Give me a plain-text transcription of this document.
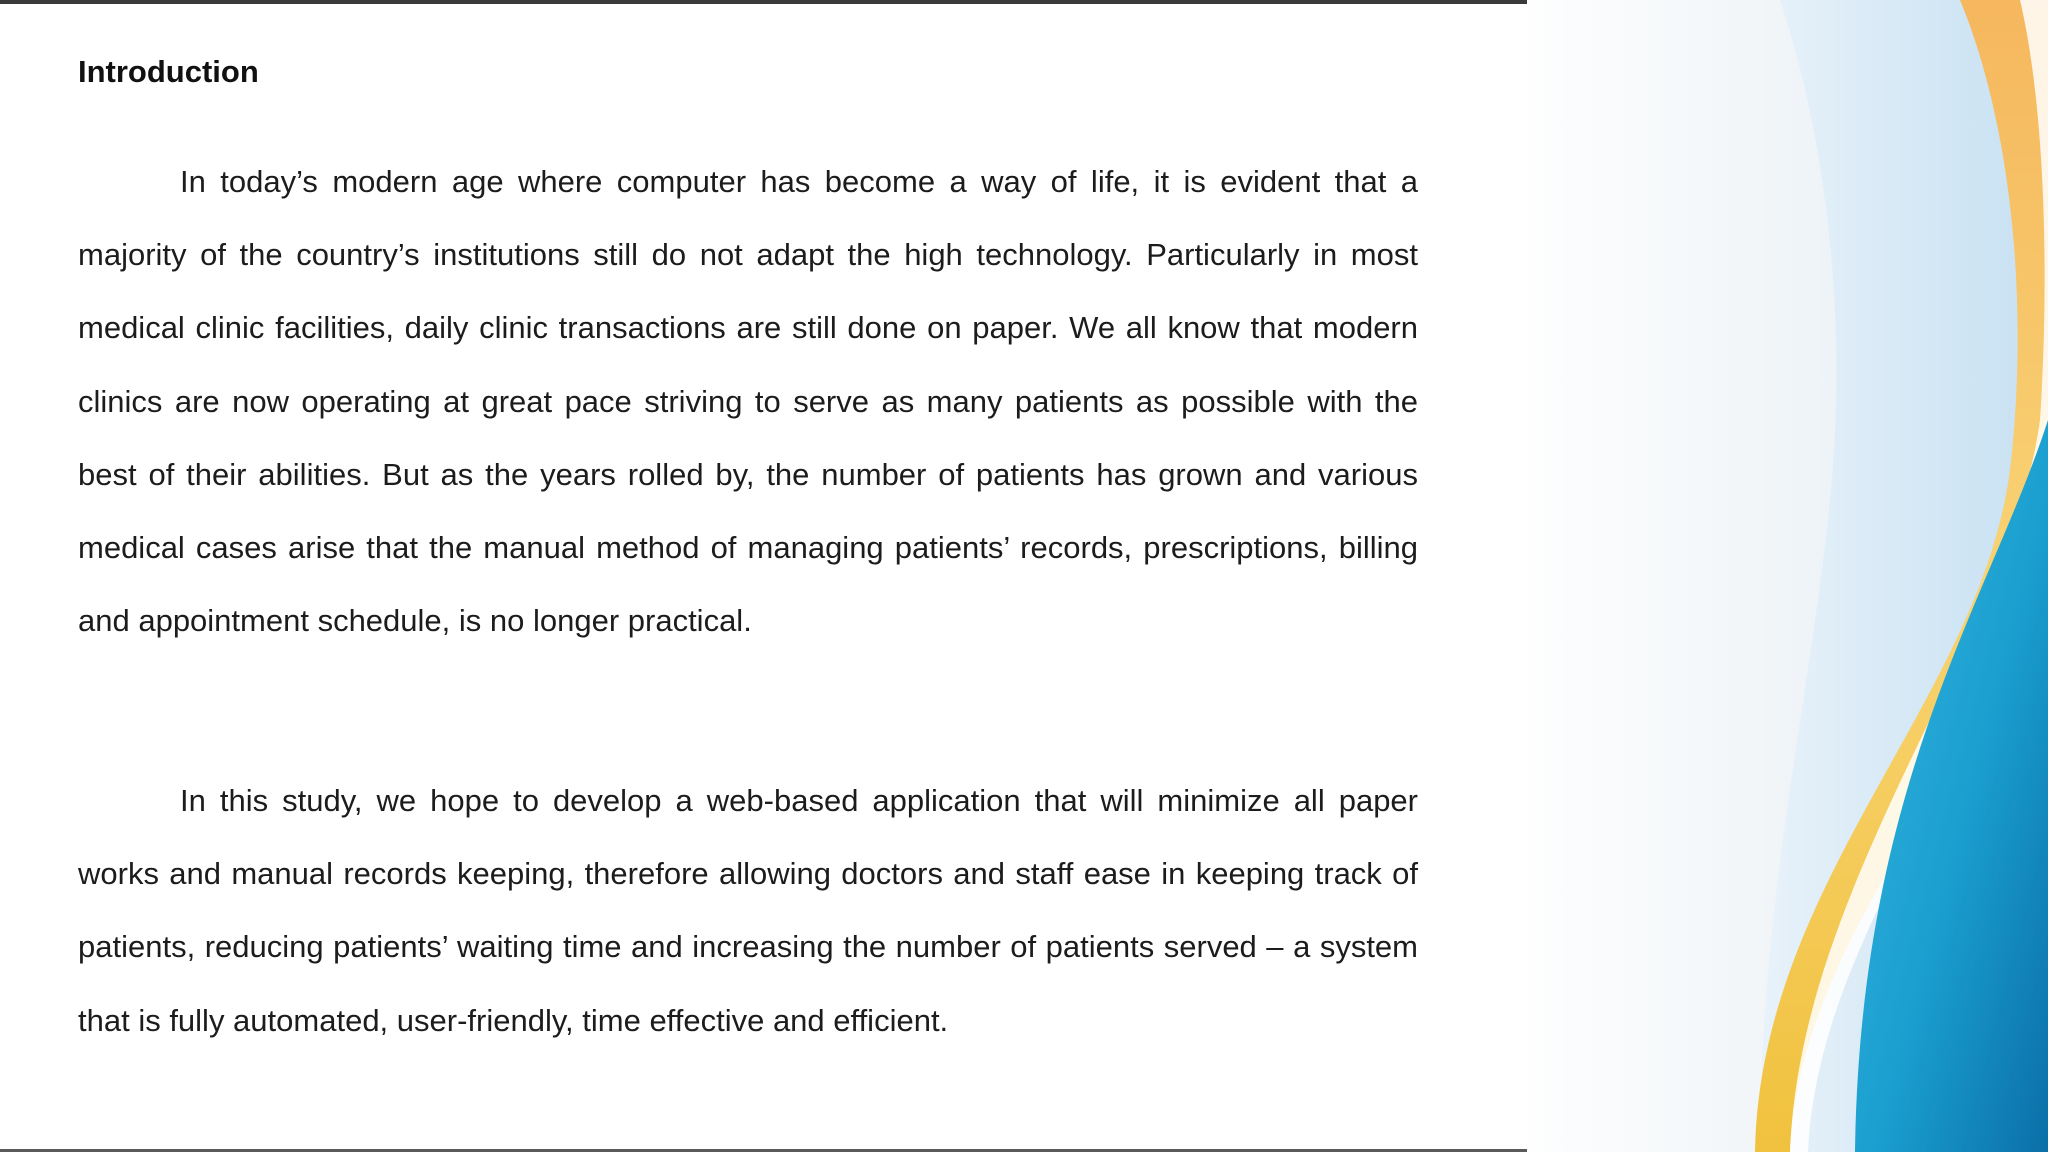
Introduction

In today’s modern age where computer has become a way of life, it is evident that a majority of the country’s institutions still do not adapt the high technology. Particularly in most medical clinic facilities, daily clinic transactions are still done on paper. We all know that modern clinics are now operating at great pace striving to serve as many patients as possible with the best of their abilities. But as the years rolled by, the number of patients has grown and various medical cases arise that the manual method of managing patients’ records, prescriptions, billing and appointment schedule, is no longer practical.

In this study, we hope to develop a web-based application that will minimize all paper works and manual records keeping, therefore allowing doctors and staff ease in keeping track of patients, reducing patients’ waiting time and increasing the number of patients served – a system that is fully automated, user-friendly, time effective and efficient.
